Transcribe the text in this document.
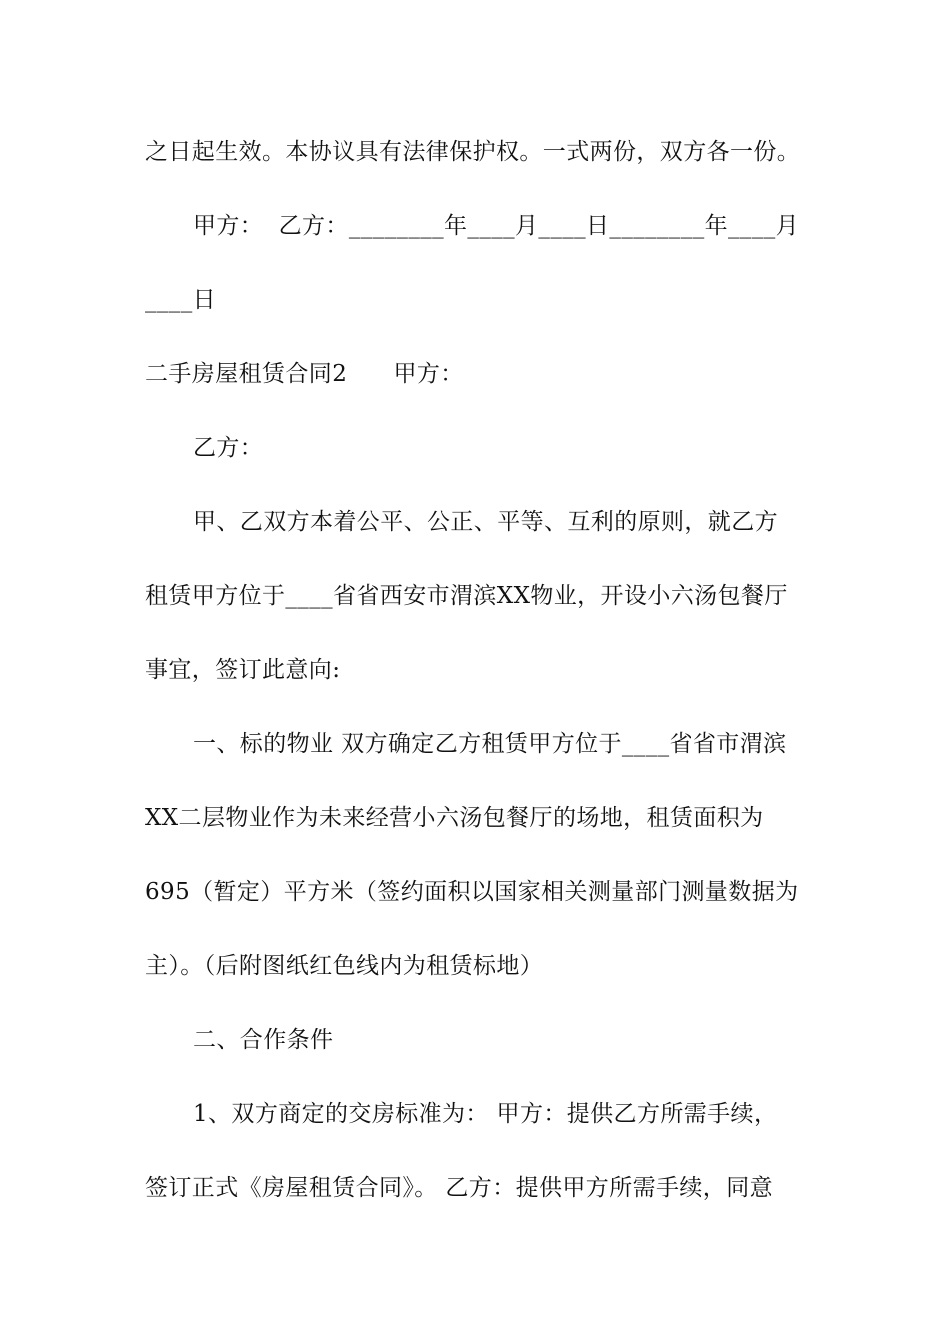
之日起生效。本协议具有法律保护权。一式两份，双方各一份。
甲方：  乙方：________年____月____日________年____月
____日
二手房屋租赁合同2      甲方：
乙方：
甲、乙双方本着公平、公正、平等、互利的原则，就乙方
租赁甲方位于____省省西安市渭滨XX物业，开设小六汤包餐厅
事宜，签订此意向:
一、标的物业 双方确定乙方租赁甲方位于____省省市渭滨
XX二层物业作为未来经营小六汤包餐厅的场地，租赁面积为
695（暂定）平方米（签约面积以国家相关测量部门测量数据为
主）。（后附图纸红色线内为租赁标地）
二、合作条件
1、双方商定的交房标准为： 甲方：提供乙方所需手续，
签订正式《房屋租赁合同》。 乙方：提供甲方所需手续，同意
